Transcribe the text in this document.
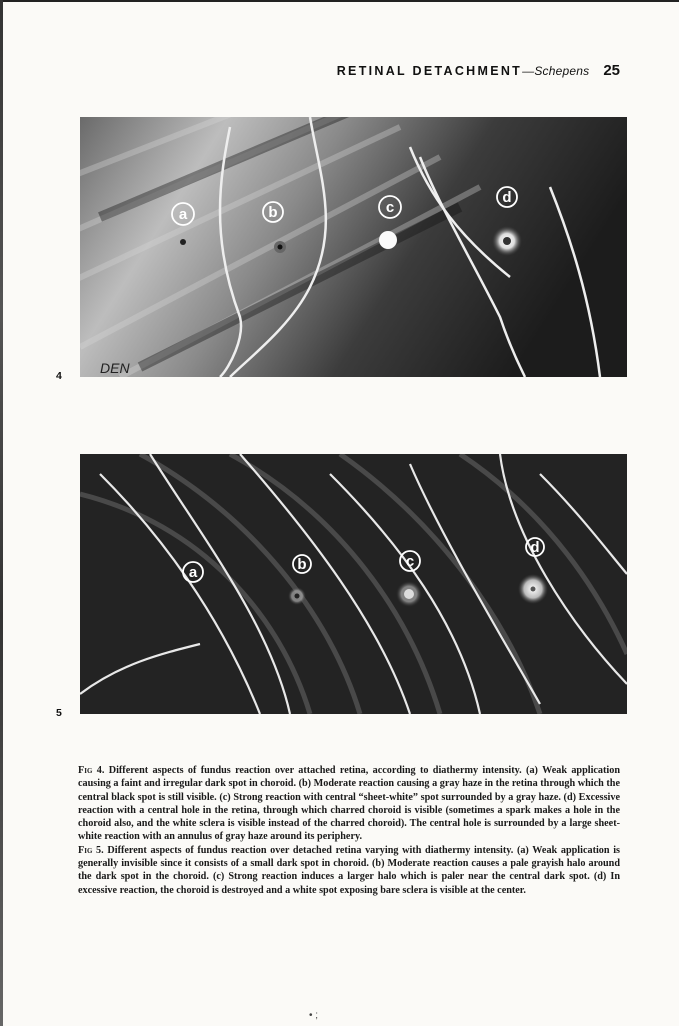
RETINAL DETACHMENT—Schepens 25
DEN
a	b	c
d
4
a	b	c
d
5

Fig 4. Different aspects of fundus reaction over attached retina, according to diathermy intensity. (a) Weak application causing a faint and irregular dark spot in choroid. (b) Moderate reaction causing a gray haze in the retina through which the central black spot is still visible. (c) Strong reaction with central “sheet-white” spot surrounded by a gray haze. (d) Excessive reaction with a central hole in the retina, through which charred choroid is visible (sometimes a spark makes a hole in the choroid also, and the white sclera is visible instead of the charred choroid). The central hole is surrounded by a large sheet-white reaction with an annulus of gray haze around its periphery.

Fig 5. Different aspects of fundus reaction over detached retina varying with diathermy intensity. (a) Weak application is generally invisible since it consists of a small dark spot in choroid. (b) Moderate reaction causes a pale grayish halo around the dark spot in the choroid. (c) Strong reaction induces a larger halo which is paler near the central dark spot. (d) In excessive reaction, the choroid is destroyed and a white spot exposing bare sclera is visible at the center.

• ;
